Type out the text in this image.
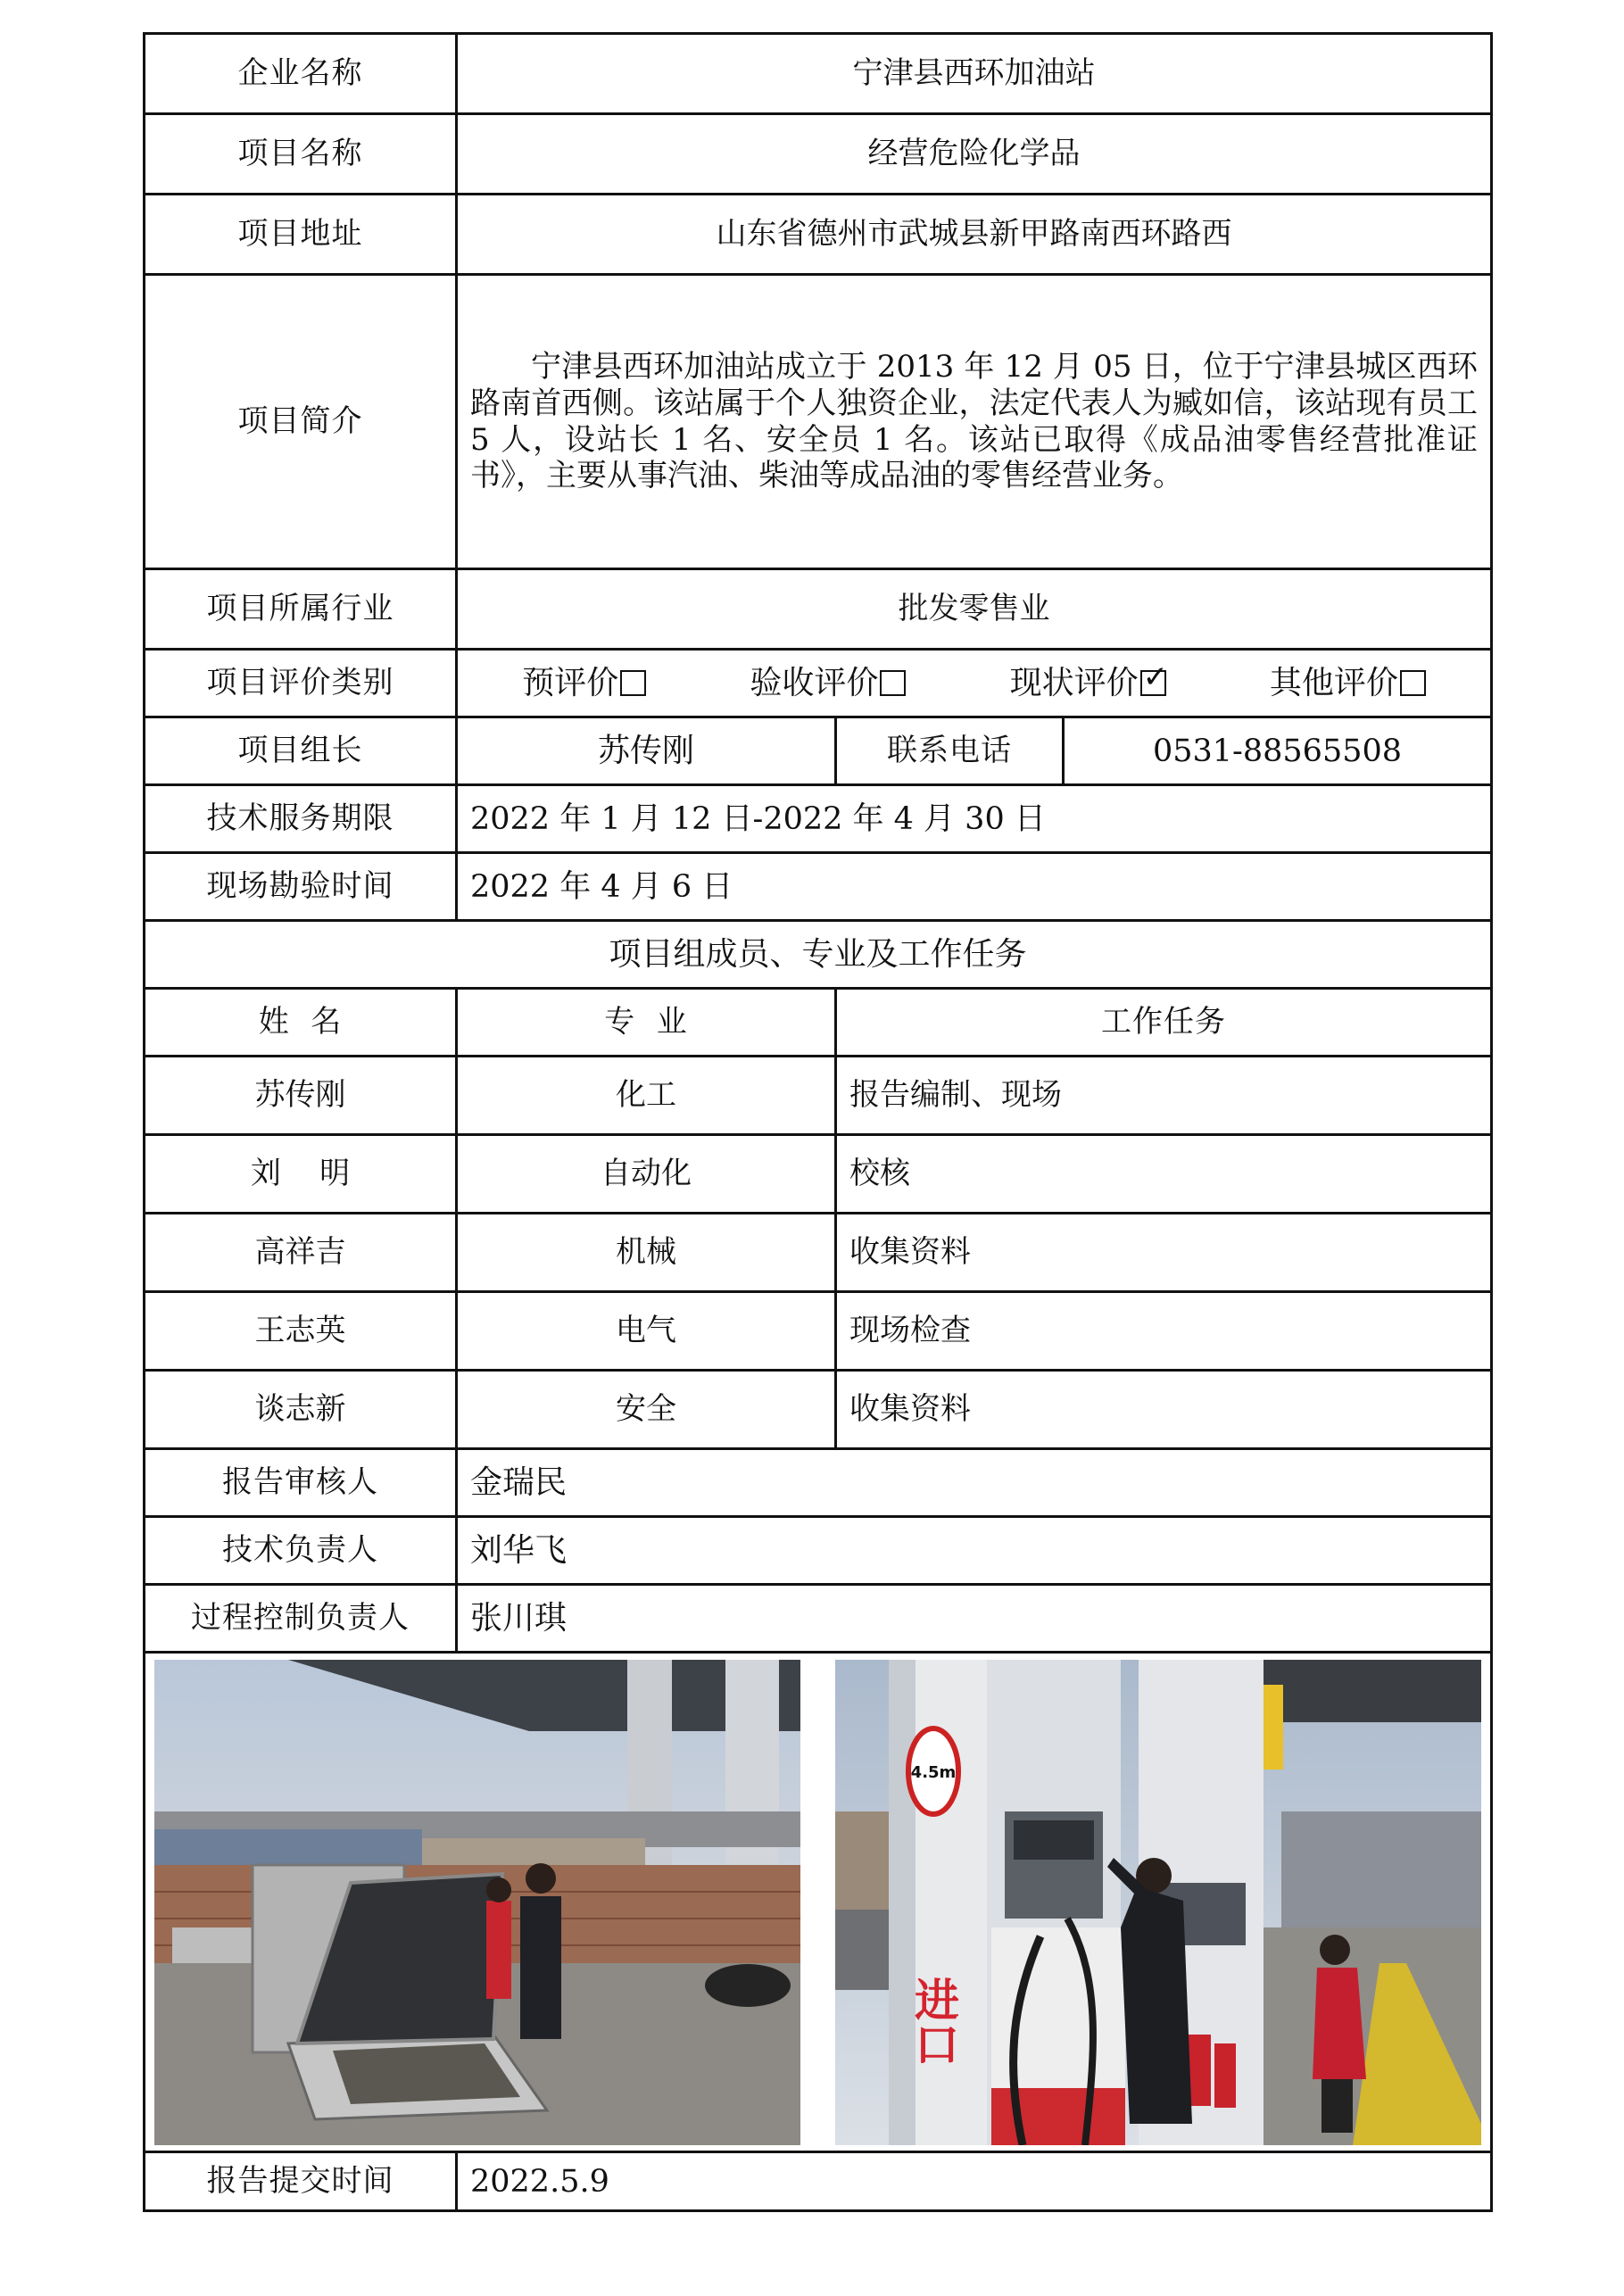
企业名称	宁津县西环加油站		
项目名称	经营危险化学品		
项目地址	山东省德州市武城县新甲路南西环路西		
项目简介	宁津县西环加油站成立于 2013 年 12 月 05 日，位于宁津县城区西环路南首西侧。该站属于个人独资企业，法定代表人为臧如信，该站现有员工 5 人，设站长 1 名、安全员 1 名。该站已取得《成品油零售经营批准证书》，主要从事汽油、柴油等成品油的零售经营业务。		
项目所属行业	批发零售业		
项目评价类别	预评价 验收评价 现状评价 ✓ 其他评价

项目组长	苏传刚	联系电话	0531-88565508
技术服务期限	2022 年 1 月 12 日-2022 年 4 月 30 日		
现场勘验时间	2022 年 4 月 6 日		
项目组成员、专业及工作任务			
姓  名	专  业	工作任务	
苏传刚	化工	报告编制、现场	
刘    明	自动化	校核	
高祥吉	机械	收集资料	
王志英	电气	现场检查	
谈志新	安全	收集资料	
报告审核人	金瑞民		
技术负责人	刘华飞		
过程控制负责人	张川琪		

4.5m
进口			

报告提交时间	2022.5.9		
